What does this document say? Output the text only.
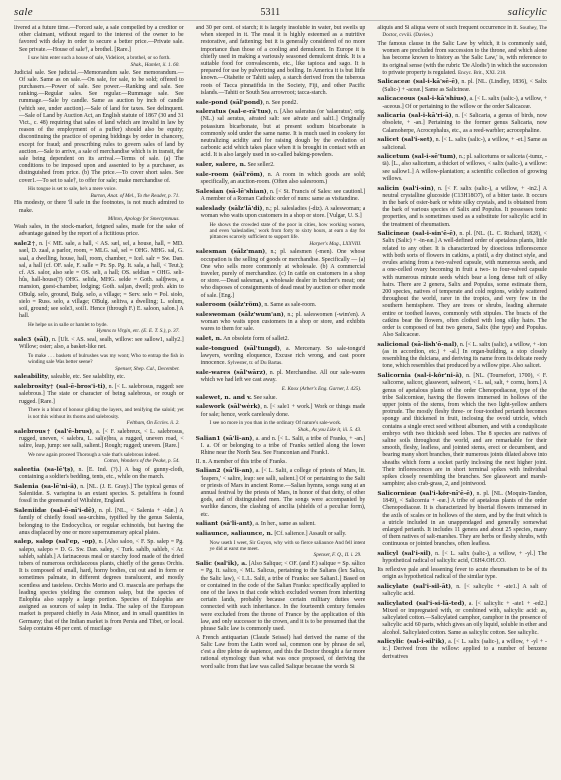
sale	5311	salicylic

livered at a future time.—Forced sale, a sale compelled by a creditor or other claimant, without regard to the interest of the owner to be favored with delay in order to secure a better price.—Private sale. See private.—House of sale†, a brothel. [Rare.]

I saw him enter such a house of sale, Videlicet, a brothel, or so forth.
Shak., Hamlet, ii. 1. 60.

Judicial sale. See judicial.—Memorandum sale. See memorandum.—Of sale. Same as on sale.—On sale, for sale, to be sold; offered to purchasers.—Power of sale. See power.—Ranking and sale. See ranking.—Regular sales. See regular.—Rummage sale. See rummage.—Sale by candle. Same as auction by inch of candle (which see, under auction).—Sale of land for taxes. See delinquent.—Sale of Land by Auction Act, an English statute of 1867 (30 and 31 Vict., c. 48) requiring that sales of land which are invalid in law by reason of the employment of a puffer) should also be equity; discontinuing the practice of opening biddings by order in chancery, except for fraud; and prescribing rules to govern sales of land by auction.—Sale to arrive, a sale of merchandise which is in transit, the sale being dependent on its arrival.—Terms of sale. (a) The conditions to be imposed upon and assented to by a purchaser, as distinguished from price. (b) The price.—To cover short sales. See cover1.—To set to sale†, to offer for sale; make merchandise of.

His tongue is set to sale, he's a mere voice.
Burton, Anat. of Mel., To the Reader, p. 71.

His modesty, or there 'll safe in the footnotes, is not much admired to make.

Milton, Apology for Smectymnuus.

Wash sales, in the stock-market, feigned sales, made for the sake of advantage gained by the report of a fictitious price.

sale2†, n. [< ME. sale, a hall, < AS. sæl, sel, a house, hall, = MD. sael, D. zaal, a parlor, room, = MLG. sal, sel = OHG. MHG. sal, G. saal, a dwelling, house, hall, room, chamber, = Icel. salr = Sw. Dan. sal, a hall (cf. OF. sale, F. salle = Pr. Sp. Pg. It. sala, a hall, < Teut.); cf. AS. salor, also sele = OS. seli, a hall; OS. seldian = OHG. seli-hûs, hall-house(?) OHG. selida, MHG. selde = Goth. saliþwos, a mansion, guest-chamber, lodging; Goth. saljan, dwell; prob. akin to OBulg. selo, ground, Bulg. selo, a village; = Serv. selo = Pol. sioło, sielo = Russ. selo, a village; OBulg. selitva, a dwelling; L. solum, soil, ground; see sole3, soil1. Hence (through F.) E. saloon, salon.] A hall.

He helpe us in salle or hamlet to byde.
Hymns to Virgin, etc. (E. E. T. S.), p. 37.

sale3 (sāl), n. [Ult. < AS. seal, sealh, willow: see sallow1, sally2.] Willow; osier; also, a basket-like net.

To make . . . baskets of bulrushes was my wont; Who to entrap the fish in winding sale Was better seene?
Spenser, Shep. Cal., December.

saleability, saleable, etc. See salability, etc.

salebrosity† (sal-ē-bros'i-ti), n. [< L. salebrosus, rugged: see salebrous.] The state or character of being salebrous, or rough or rugged. [Rare.]

There is a blunt of honour gilding the layers, and tenifying the saloid; yet is not this without its thorns and salebrosity.
Feltham, On Eccles. ii. 2.

salebrous† (sal'ē-brus), a. [< F. salebreux, < L. salebrosus, rugged, uneven, < salebra, L. sal(e)bra, a rugged, uneven road, < salire, leap, jump: see salli, salient.] Rough; rugged; uneven. [Rare.]

We now again proceed Thorough a vale that's salebrous indeed.
Cotton, Wonders of the Peake, p. 54.

saleetia (sa-lē'ṭṣ), n. [E. Ind. (?).] A bag of gunny-cloth, containing a soldier's bedding, tents, etc., while on the march.

Salenia (sa-lē'ni-ä), n. [NL. (J. E. Gray).] The typical genus of Saleniidæ. S. varispina is an extant species. S. petalifera is found fossil in the greensand of Wiltshire, England.

Saleniidæ (sal-ē-nī'i-dē), n. pl. [NL., < Salenia + -idæ.] A family of chiefly fossil sea-urchins, typified by the genus Salenia, belonging to the Endocyclica, or regular echinoids, but having the anus displaced by one or more supernumerary apical plates.

salep, salop (sal'ep, -op), n. [Also saloo, < F. Sp. salep = Pg. salepo, salepo = D. G. Sw. Dan. salep, < Turk. sahlb, sahleb, < Ar. sahleb, sahlab.] A farinaceous meal or starchy food made of the dried tubers of numerous orchidaceous plants, chiefly of the genus Orchis. It is composed of small, hard, horny bodies, cut out and in form or sometimes palmate, in different degrees translucent, and mostly scentless and tasteless. Orchis Morio and O. mascula are perhaps the leading species yielding the common salep, but the species of Eulophia also supply a large portion. Species of Eulophia are assigned as sources of salep in India. The salep of the European market is prepared chiefly in Asia Minor, and in small quantities in Germany; that of the Indian market is from Persia and Tibet, or local. Salep contains 48 per cent. of mucilage

and 30 per cent. of starch; it is largely insoluble in water, but swells up when steeped in it. The meal it is highly esteemed as a nutritive restorative, and fattening; but it is generally considered of no more importance than those of a cooling and demulcent. In Europe it is chiefly used in making a variously seasoned demulcent drink. It is a suitable food for convalescents, etc., like tapioca and sago. It is prepared for use by pulverizing and boiling. In America it is but little known.—Otaheite or Tahiti salep, a starch derived from the tuberous roots of Tacca pinnatifida in the Society, Fiji, and other Pacific islands.—Tahiti or South Sea arrowroot; tacca-starch.

sale-pond (sāl'pond), n. See pond2.

saleratus (sal-e-rā'tus), n. [Also saleratus (or 'salaeratus'; orig. (NL.) sal aeratus, aërated salt: see aërate and salt1.] Originally potassium bicarbonate, but at present sodium bicarbonate is commonly sold under the same name. It is much used in cookery for neutralizing acidity and for raising dough by the evolution of carbonic acid which takes place when it is brought in contact with an acid. It is also largely used in so-called baking-powders.

saler, salere, n. See seller2.

sale-room (sāl'röm), n. A room in which goods are sold; specifically, an auction-room. (Often also salesroom.)

Salesian (sā-lē'shian), n. [< St. Francis of Sales: see cautionl.] A member of a Roman Catholic order of nuns: same as visitandine.

saleslady (sālz'lā'di), n.; pl. salesladies (-diz). A saleswoman; a woman who waits upon customers in a shop or store. [Vulgar, U. S.]

He shows the crowded state of the poor in cities, how working women, and even 'salesladies,' work from forty to sixty hours, at earn a day for pittances scarcely sufficient to support life.
Harper's Mag., LXXVIII.

salesman (sālz'man), n.; pl. salesmen (-men). One whose occupation is the selling of goods or merchandise. Specifically — (a) One who sells more commonly at wholesale. (b) A commercial traveler, purely of merchandize. (c) In cattle on customers in a shop or store.—Dead salesman, a wholesale dealer in butcher's meat; one who disposes of consignments of dead meat by auction or other mode of sale. [Eng.]

saleroom (sālz'röm), n. Same as sale-room.

saleswoman (sālz'wum'an), n.; pl. saleswomen (-wim'en). A woman who waits upon customers in a shop or store, and exhibits wares to them for sale.

salet, n. An obsolete form of sallet2.

sale-tongued (sāl'tungd), a. Mercenary. So sale-tongu'd lawyers, wording eloquence, Excuse rich wrong, and cast poore innocence. Sylvester, tr. of Du Bartas.

sale-wares (sāl'wārz), n. pl. Merchandise. All our sale-wares which we had left we cast away.

E. Knox (Arber's Eng. Garner, I. 425).

salewet, n. and v. See salue.

salework (sāl'wėrk), n. [< sale1 + work.] Work or things made for sale; hence, work carelessly done.

I see no more in you than in the ordinary Of nature's sale-work.
Shak., As you Like it, iii. 5. 43.

Salian1 (sā'li-an), a. and n. [< L. Salii, a tribe of Franks, + -an.] I. a. Of or belonging to a tribe of Franks settled along the lower Rhine near the North Sea. See Franconian and Frank1.

II. n. A member of this tribe of Franks.

Salian2 (sā'li-an), a. [< L. Salii, a college of priests of Mars, lit. 'leapers,' < salire, leap: see salli, salient.] Of or pertaining to the Salii or priests of Mars in ancient Rome.—Salian hymns, songs sung at an annual festival by the priests of Mars, in honor of that deity, of other gods, and of distinguished men. The songs were accompanied by warlike dances, the clashing of ancilia (shields of a peculiar form), etc.

saliant (sā'li-ant), a. In her., same as salient.

saliaunce, saliaunce, n. [Cf. salience.] Assault or sally.

Now useth I weet, Sir Guyon, why with so fierce saliaunce And fell intent ye did at earst me meet.
Spenser, F. Q., II. i. 29.

Salic (sal'ik), a. [Also Salique; < OF. (and F.) salique = Sp. sálico = Pg. It. salico, < ML. Salicus, pertaining to the Salians (lex Salica, the Salic law), < L.L. Salii, a tribe of Franks: see Salian1.] Based on or contained in the code of the Salian Franks: specifically applied to one of the laws in that code which excluded women from inheriting certain lands, probably because certain military duties were connected with such inheritance. In the fourteenth century females were excluded from the throne of France by the application of this law, and only successor to the crown, and it is to be presumed that the phrase Salic law is commonly used.

A French antiquarian (Claude Seissel) had derived the name of the Salic Law from the Latin word sal, common one by phrase de sel, c'est a dire pleine de sapience, and this the Doctor thought a far more rational etymology than what was once proposed, of deriving the word salic from that law was called Salique because the words Si

aliquis and Si aliqua were of such frequent occurrence in it. Southey, The Doctor, cvviii. (Davies.)

The famous clause in the Salic Law by which, it is commonly said, women are precluded from succession to the throne, and which alone has become known to history as 'the Salic Law,' is, with reference to its original sense (with the rubric 'De Alodis') in which the succession to private property is regulated. Encyc. Brit., XXI. 218.

Salicaceæ (sal-i-kā'sē-ē), n. pl. [NL. (Lindley, 1836), < Salix (Salic-) + -aceæ.] Same as Salicineæ.

salicaceous (sal-i-kā'shius), a. [< L. salix (salic-), a willow, + -aceous.] Of or pertaining to the willow or the order Salicaceæ.

salicaria (sal-i-kā'ri-ā), n. [< Salicaria, a genus of birds, now obsolete, + -an.] Pertaining to the former genus Salicaria, now Calamoherpe, Acrocephalus, etc., as a reed-warbler; acrocephaline.

salicet (sal'i-set), n. [< L. salix (salic-), a willow, + -et.] Same as salicional.

salicetum (sal-i-sē'tum), n.; pl. salicetums or saliceta (-tumz, -tä). [L., also salicetum, a thicket of willows, < salix (salic-), a willow: see sallow1.] A willow-plantation; a scientific collection of growing willows.

salicin (sal'i-sin), n. [< F. salix (salic-), a willow, + -in2.] A neutral crystalline glucoside (C13H18O7), of a bitter taste. It occurs in the bark of osier-bark or white silky crystals, and is obtained from the bark of various species of Salix and Populus. It possesses tonic properties, and is sometimes used as a substitute for salicylic acid in the treatment of rheumatism.

Salicineæ (sal-i-sin'ē-ē), n. pl. [NL. (L. C. Richard, 1828), < Salix (Salic) + -in-eæ.] A well-defined order of apetalous plants, little related to any other. It is characterized by dioecious inflorescence with both sorts of flowers in catkins, a pistil, a dry distinct style, and ovules arising from a two-valved capsule, with numerous seeds, and a one-celled ovary becoming in fruit a two- to four-valved capsule with numerous minute seeds which bear a long dense tuft of silky hairs. There are 2 genera, Salix and Populus, some estimate them, 200 species, natives of temperate and cold regions, widely scattered throughout the world, rarer in the tropics, and very few in the southern hemisphere. They are trees or shrubs, leading alternate entire or toothed leaves, commonly with stipules. The bracts of the catkins bear the flowers, often clothed with long silky hairs. The order is composed of but two genera, Salix (the type) and Populus. Also Salicaceæ.

salicional (sā-lish'ō-nal), n. [< L. salix (salic), a willow, + -ion (as in accordion, etc.) + -al.] In organ-building, a stop closely resembling the dulciana, and deriving its name from its delicate reedy tone, which resembles that produced by a willow pipe. Also salicet.

Salicornia (sal-i-kôr'ni-ä), n. [NL. (Tournefort, 1700), < F. salicorne, salicor, glasswort, saltwort, < L. sal, salt, + cornu, horn.] A genus of apetalous plants of the order Chenopodiaceæ, type of the tribe Salicornieæ, having the flowers immersed in hollows of the upper joints of the stems, from which the two light-yellow anthers protrude. The mostly fleshy three- or four-toothed perianth becomes spongy and thickened in fruit, inclosing the ovoid utricle, which contains a single erect seed without albumen, and with a conduplicate embryo with two thickish seed lobes. The 8 species are natives of saline soils throughout the world, and are remarkable for their smooth, fleshy, leafless, and jointed stems, erect or decumbent, and bearing many short branches, their numerous joints dilated above into sheaths which form a socket partly inclosing the next higher joint. Their inflorescences are in short terminal spikes with individual spikes closely resembling the branches. See glasswort and marsh-samphire; also crab-grass, 2, and jointwood.

Salicornieæ (sal'i-kôr-nī'ē-ē), n. pl. [NL. (Moquin-Tandon, 1849), < Salicornia + -eæ.] A tribe of apetalous plants of the order Chenopodiaceæ. It is characterized by biserial flowers immersed in the axils of scales or in hollows of the stem, and by the fruit which is a utricle included in an unappendaged and generally somewhat enlarged perianth. It includes 11 genera and about 25 species, many of them natives of salt-marshes. They are herbs or fleshy shrubs, with continuous or jointed branches, often leafless.

salicyl (sal'i-sil), n. [< L. salix (salic-), a willow, + -yl.] The hypothetical radical of salicylic acid, C6H4.OH.CO.

Its reflexive pale and lessening fever to acute rheumatism to be of its origin as hypothetical radical of the similar type.

salicylate (sal'i-sil-āt), n. [< salicylic + -ate1.] A salt of salicylic acid.

salicylated (sal'i-si-lā-ted), a. [< salicylic + -ate1 + -ed2.] Mixed or impregnated with, or combined with, salicylic acid: as, salicylated cotton.—Salicylated camphor, camphor in the presence of salicylic acid 60 parts, which gives an oily liquid, soluble in ether and alcohol. Salicylated cotton. Same as salicylic cotton. See salicylic.

salicylic (sal-i-sil'ik), a. [< L. salix (salic-), a willow, + -yl + -ic.] Derived from the willow: applied to a number of benzene derivatives
